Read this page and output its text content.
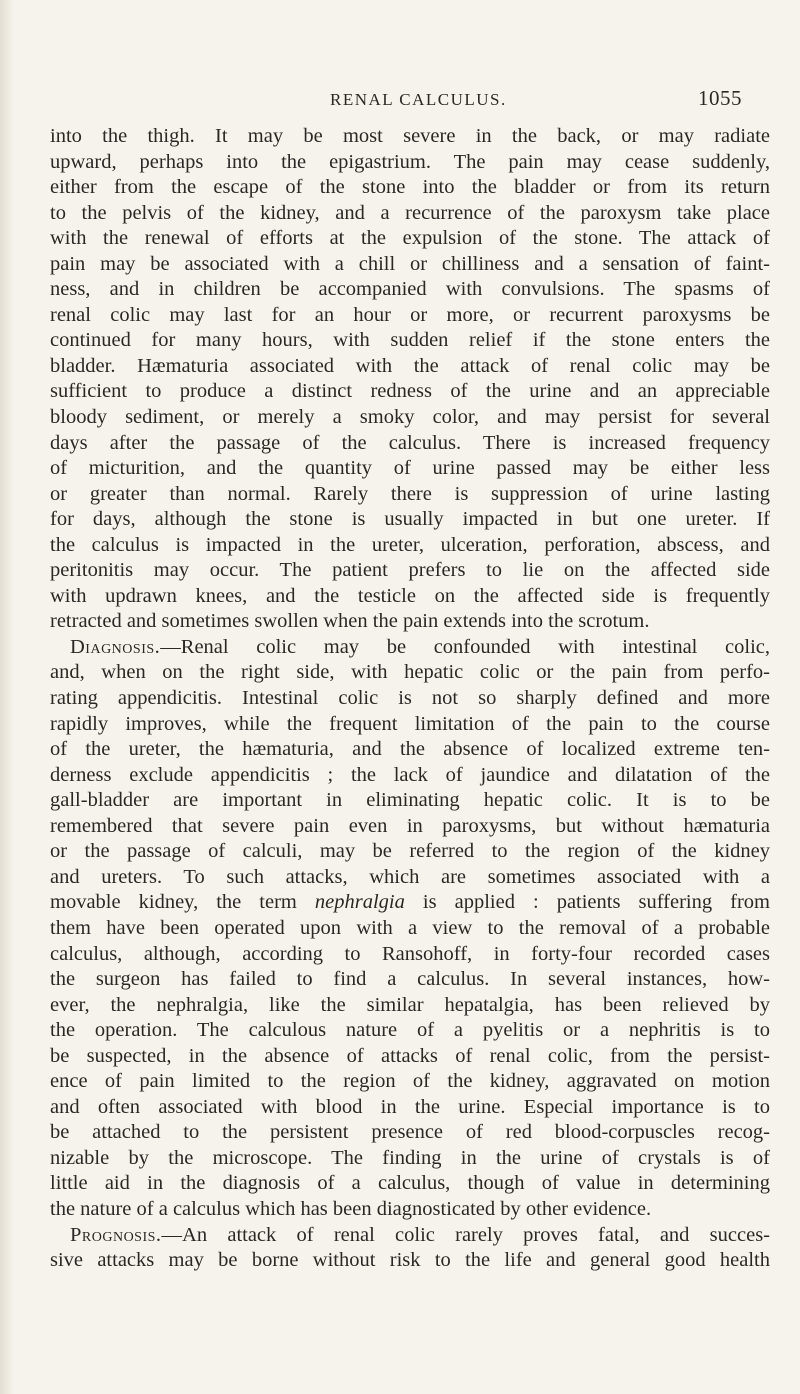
RENAL CALCULUS.	1055
into the thigh. It may be most severe in the back, or may radiate
upward, perhaps into the epigastrium. The pain may cease suddenly,
either from the escape of the stone into the bladder or from its return
to the pelvis of the kidney, and a recurrence of the paroxysm take place
with the renewal of efforts at the expulsion of the stone. The attack of
pain may be associated with a chill or chilliness and a sensation of faint-
ness, and in children be accompanied with convulsions. The spasms of
renal colic may last for an hour or more, or recurrent paroxysms be
continued for many hours, with sudden relief if the stone enters the
bladder. Hæmaturia associated with the attack of renal colic may be
sufficient to produce a distinct redness of the urine and an appreciable
bloody sediment, or merely a smoky color, and may persist for several
days after the passage of the calculus. There is increased frequency
of micturition, and the quantity of urine passed may be either less
or greater than normal. Rarely there is suppression of urine lasting
for days, although the stone is usually impacted in but one ureter. If
the calculus is impacted in the ureter, ulceration, perforation, abscess, and
peritonitis may occur. The patient prefers to lie on the affected side
with updrawn knees, and the testicle on the affected side is frequently
retracted and sometimes swollen when the pain extends into the scrotum.
Diagnosis.—Renal colic may be confounded with intestinal colic,
and, when on the right side, with hepatic colic or the pain from perfo-
rating appendicitis. Intestinal colic is not so sharply defined and more
rapidly improves, while the frequent limitation of the pain to the course
of the ureter, the hæmaturia, and the absence of localized extreme ten-
derness exclude appendicitis ; the lack of jaundice and dilatation of the
gall-bladder are important in eliminating hepatic colic. It is to be
remembered that severe pain even in paroxysms, but without hæmaturia
or the passage of calculi, may be referred to the region of the kidney
and ureters. To such attacks, which are sometimes associated with a
movable kidney, the term nephralgia is applied : patients suffering from
them have been operated upon with a view to the removal of a probable
calculus, although, according to Ransohoff, in forty-four recorded cases
the surgeon has failed to find a calculus. In several instances, how-
ever, the nephralgia, like the similar hepatalgia, has been relieved by
the operation. The calculous nature of a pyelitis or a nephritis is to
be suspected, in the absence of attacks of renal colic, from the persist-
ence of pain limited to the region of the kidney, aggravated on motion
and often associated with blood in the urine. Especial importance is to
be attached to the persistent presence of red blood-corpuscles recog-
nizable by the microscope. The finding in the urine of crystals is of
little aid in the diagnosis of a calculus, though of value in determining
the nature of a calculus which has been diagnosticated by other evidence.
Prognosis.—An attack of renal colic rarely proves fatal, and succes-
sive attacks may be borne without risk to the life and general good health
